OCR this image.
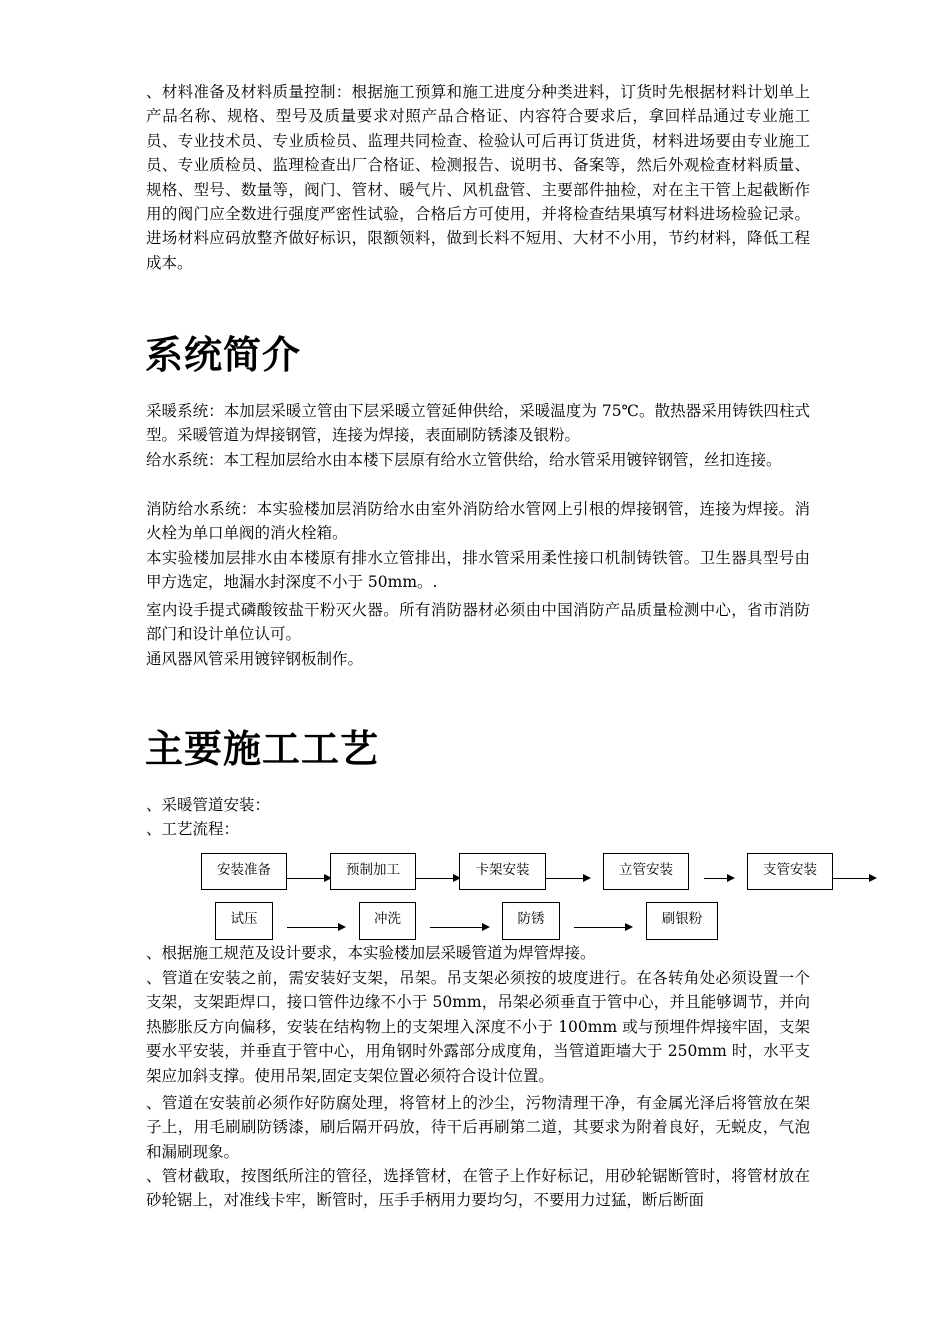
、材料准备及材料质量控制：根据施工预算和施工进度分种类进料，订货时先根据材料计划单上产品名称、规格、型号及质量要求对照产品合格证、内容符合要求后，拿回样品通过专业施工员、专业技术员、专业质检员、监理共同检查、检验认可后再订货进货，材料进场要由专业施工员、专业质检员、监理检查出厂合格证、检测报告、说明书、备案等，然后外观检查材料质量、规格、型号、数量等，阀门、管材、暖气片、风机盘管、主要部件抽检，对在主干管上起截断作用的阀门应全数进行强度严密性试验，合格后方可使用，并将检查结果填写材料进场检验记录。进场材料应码放整齐做好标识，限额领料，做到长料不短用、大材不小用，节约材料，降低工程成本。

系统简介

采暖系统：本加层采暖立管由下层采暖立管延伸供给，采暖温度为 75℃。散热器采用铸铁四柱式型。采暖管道为焊接钢管，连接为焊接，表面刷防锈漆及银粉。

给水系统：本工程加层给水由本楼下层原有给水立管供给，给水管采用镀锌钢管，丝扣连接。

消防给水系统：本实验楼加层消防给水由室外消防给水管网上引根的焊接钢管，连接为焊接。消火栓为单口单阀的消火栓箱。

本实验楼加层排水由本楼原有排水立管排出，排水管采用柔性接口机制铸铁管。卫生器具型号由甲方选定，地漏水封深度不小于 50mm。.

室内设手提式磷酸铵盐干粉灭火器。所有消防器材必须由中国消防产品质量检测中心，省市消防部门和设计单位认可。

通风器风管采用镀锌钢板制作。

主要施工工艺

、采暖管道安装：

、工艺流程：

安装准备	预制加工	卡架安装	立管安装	支管安装
试压	冲洗	防锈	刷银粉

、根据施工规范及设计要求，本实验楼加层采暖管道为焊管焊接。

、管道在安装之前，需安装好支架，吊架。吊支架必须按的坡度进行。在各转角处必须设置一个支架，支架距焊口，接口管件边缘不小于 50mm，吊架必须垂直于管中心，并且能够调节，并向热膨胀反方向偏移，安装在结构物上的支架埋入深度不小于 100mm 或与预埋件焊接牢固，支架要水平安装，并垂直于管中心，用角钢时外露部分成度角，当管道距墙大于 250mm 时，水平支架应加斜支撑。使用吊架,固定支架位置必须符合设计位置。

、管道在安装前必须作好防腐处理，将管材上的沙尘，污物清理干净，有金属光泽后将管放在架子上，用毛刷刷防锈漆，刷后隔开码放，待干后再刷第二道，其要求为附着良好，无蜕皮，气泡和漏刷现象。

、管材截取，按图纸所注的管径，选择管材，在管子上作好标记，用砂轮锯断管时，将管材放在砂轮锯上，对准线卡牢，断管时，压手手柄用力要均匀，不要用力过猛，断后断面
